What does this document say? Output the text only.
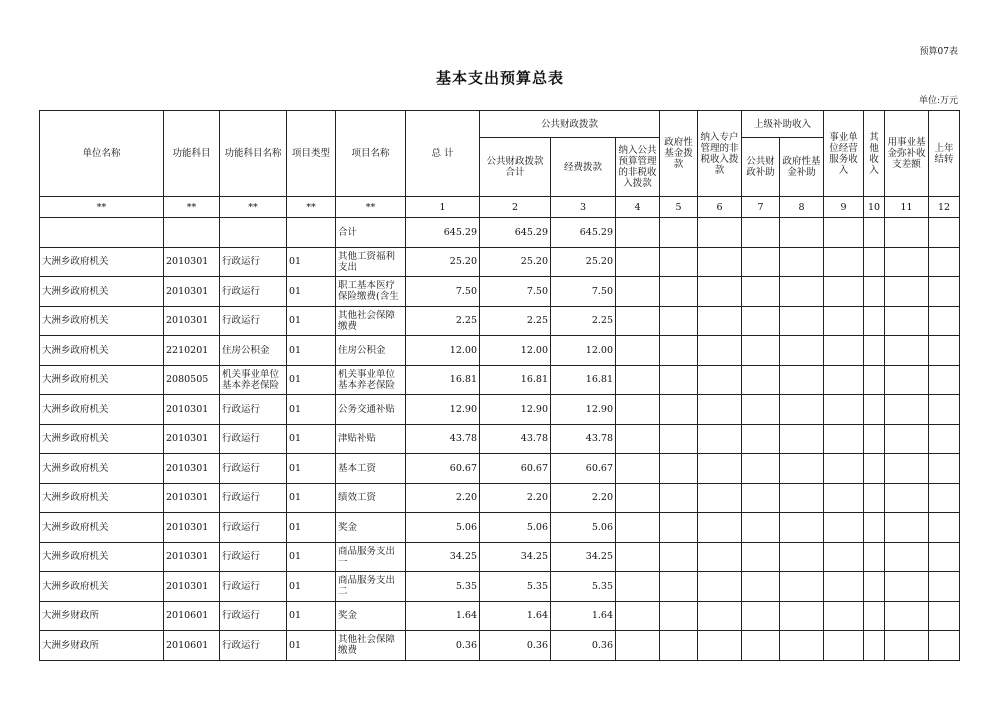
预算07表
基本支出预算总表
单位:万元
单位名称	功能科目	功能科目名称	项目类型	项目名称	总 计	公共财政拨款			政府性基金拨款	纳入专户管理的非税收入拨款	上级补助收入		事业单位经营服务收入	其他收入	用事业基金弥补收支差额	上年结转
						公共财政拨款合计	经费拨款	纳入公共预算管理的非税收入拨款			公共财政补助	政府性基金补助				
**	**	**	**	**	1	2	3	4	5	6	7	8	9	10	11	12
				合计	645.29	645.29	645.29									

大洲乡政府机关	2010301	行政运行	01	其他工资福利支出	25.20	25.20	25.20									

大洲乡政府机关	2010301	行政运行	01	职工基本医疗保险缴费(含生	7.50	7.50	7.50									

大洲乡政府机关	2010301	行政运行	01	其他社会保障缴费	2.25	2.25	2.25									

大洲乡政府机关	2210201	住房公积金	01	住房公积金	12.00	12.00	12.00									

大洲乡政府机关	2080505	机关事业单位基本养老保险	01	机关事业单位基本养老保险	16.81	16.81	16.81									

大洲乡政府机关	2010301	行政运行	01	公务交通补贴	12.90	12.90	12.90									

大洲乡政府机关	2010301	行政运行	01	津贴补贴	43.78	43.78	43.78									

大洲乡政府机关	2010301	行政运行	01	基本工资	60.67	60.67	60.67									

大洲乡政府机关	2010301	行政运行	01	绩效工资	2.20	2.20	2.20									

大洲乡政府机关	2010301	行政运行	01	奖金	5.06	5.06	5.06									

大洲乡政府机关	2010301	行政运行	01	商品服务支出一	34.25	34.25	34.25									

大洲乡政府机关	2010301	行政运行	01	商品服务支出二	5.35	5.35	5.35									

大洲乡财政所	2010601	行政运行	01	奖金	1.64	1.64	1.64									

大洲乡财政所	2010601	行政运行	01	其他社会保障缴费	0.36	0.36	0.36									
